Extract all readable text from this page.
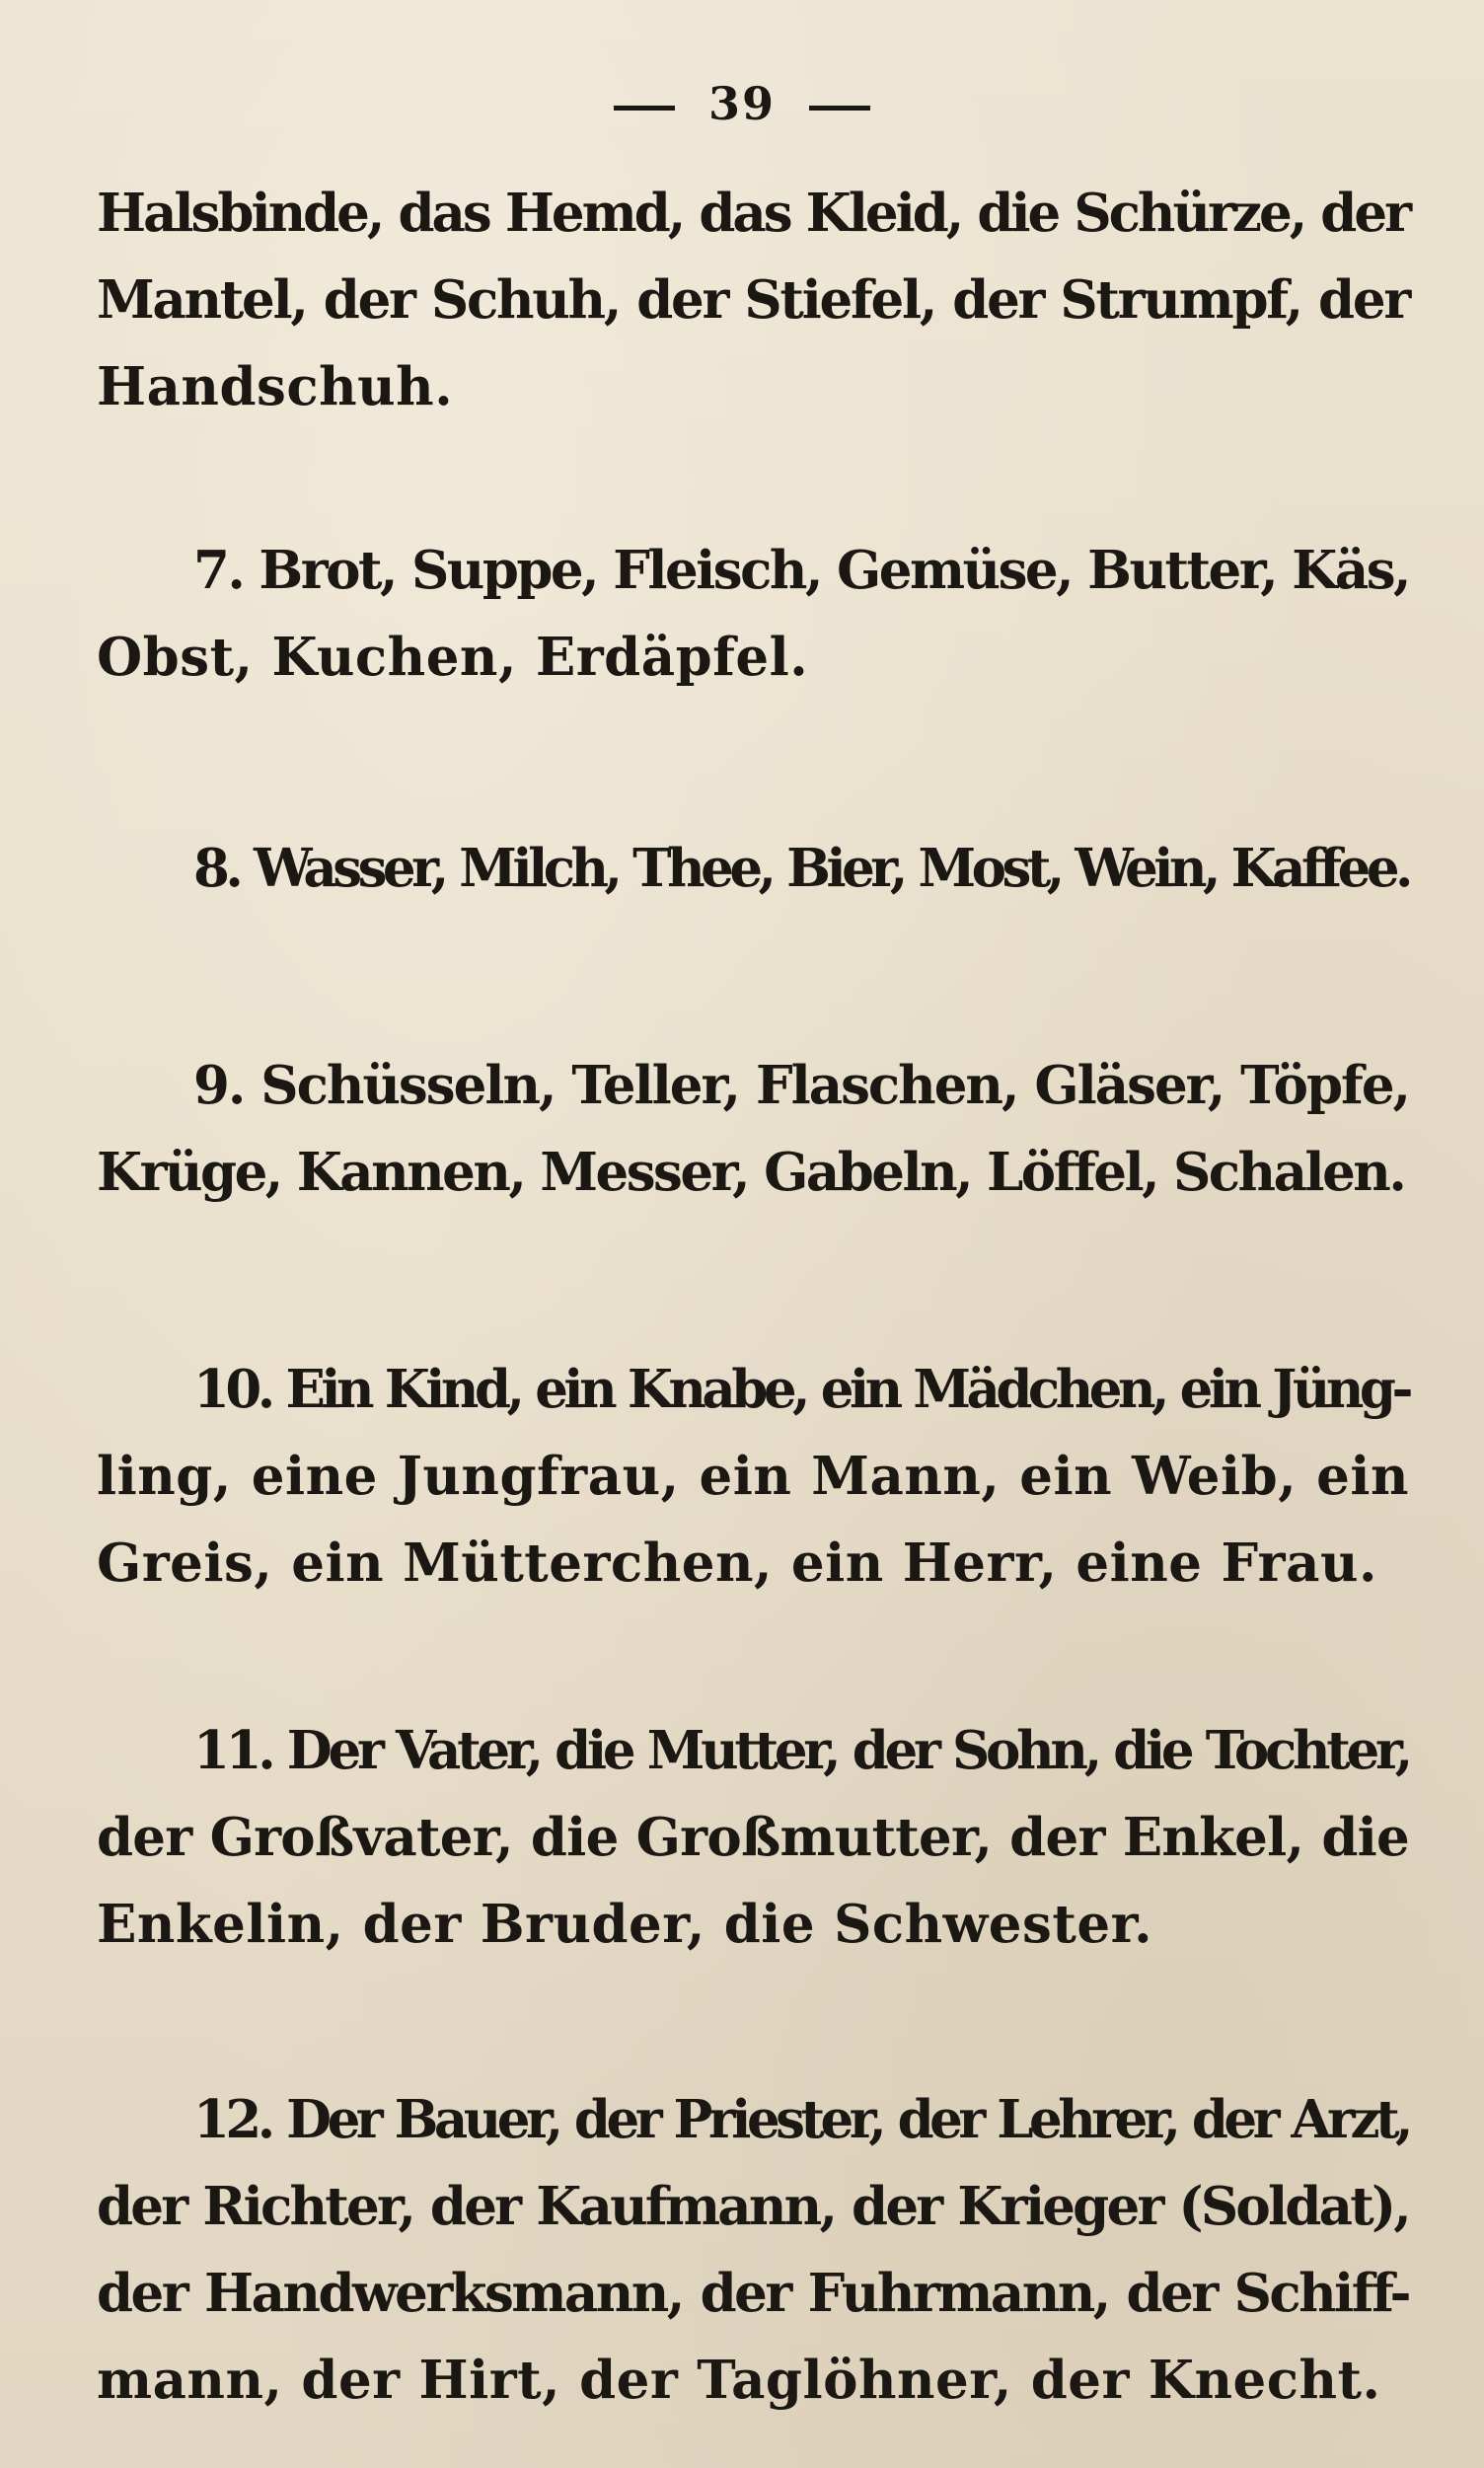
39
Halsbinde, das Hemd, das Kleid, die Schürze, der
Mantel, der Schuh, der Stiefel, der Strumpf, der
Handschuh.
7. Brot, Suppe, Fleisch, Gemüse, Butter, Käs,
Obst, Kuchen, Erdäpfel.
8. Wasser, Milch, Thee, Bier, Most, Wein, Kaffee.
9. Schüsseln, Teller, Flaschen, Gläser, Töpfe,
Krüge, Kannen, Messer, Gabeln, Löffel, Schalen.
10. Ein Kind, ein Knabe, ein Mädchen, ein Jüng-
ling, eine Jungfrau, ein Mann, ein Weib, ein
Greis, ein Mütterchen, ein Herr, eine Frau.
11. Der Vater, die Mutter, der Sohn, die Tochter,
der Großvater, die Großmutter, der Enkel, die
Enkelin, der Bruder, die Schwester.
12. Der Bauer, der Priester, der Lehrer, der Arzt,
der Richter, der Kaufmann, der Krieger (Soldat),
der Handwerksmann, der Fuhrmann, der Schiff-
mann, der Hirt, der Taglöhner, der Knecht.
